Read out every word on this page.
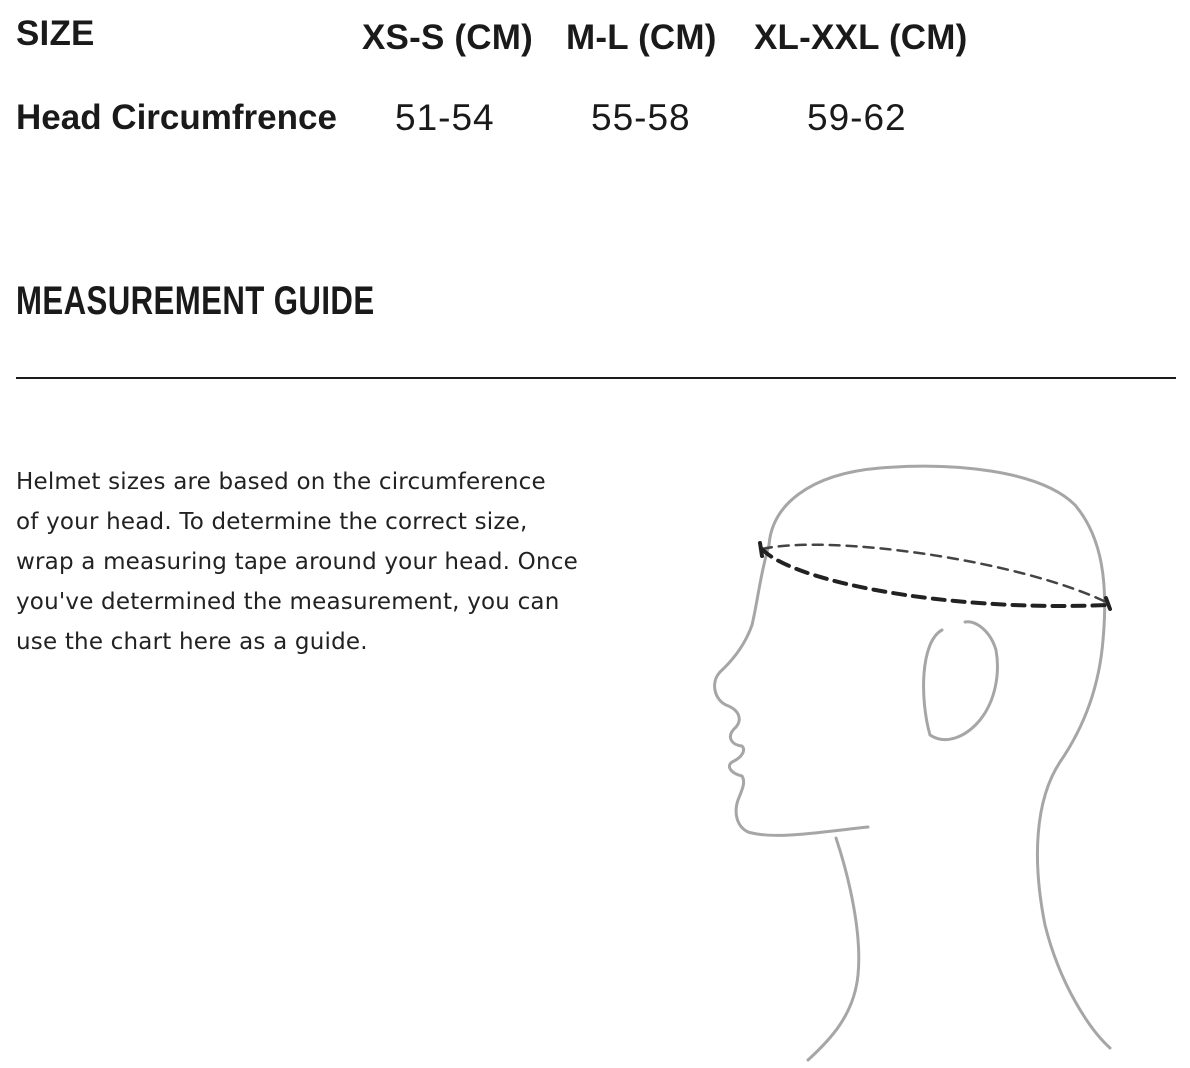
SIZE	XS-S (CM) M-L (CM) XL-XXL (CM)
Head Circumfrence 51-54	55-58	59-62
MEASUREMENT GUIDE

Helmet sizes are based on the circumference
of your head. To determine the correct size,
wrap a measuring tape around your head. Once
you've determined the measurement, you can
use the chart here as a guide.
